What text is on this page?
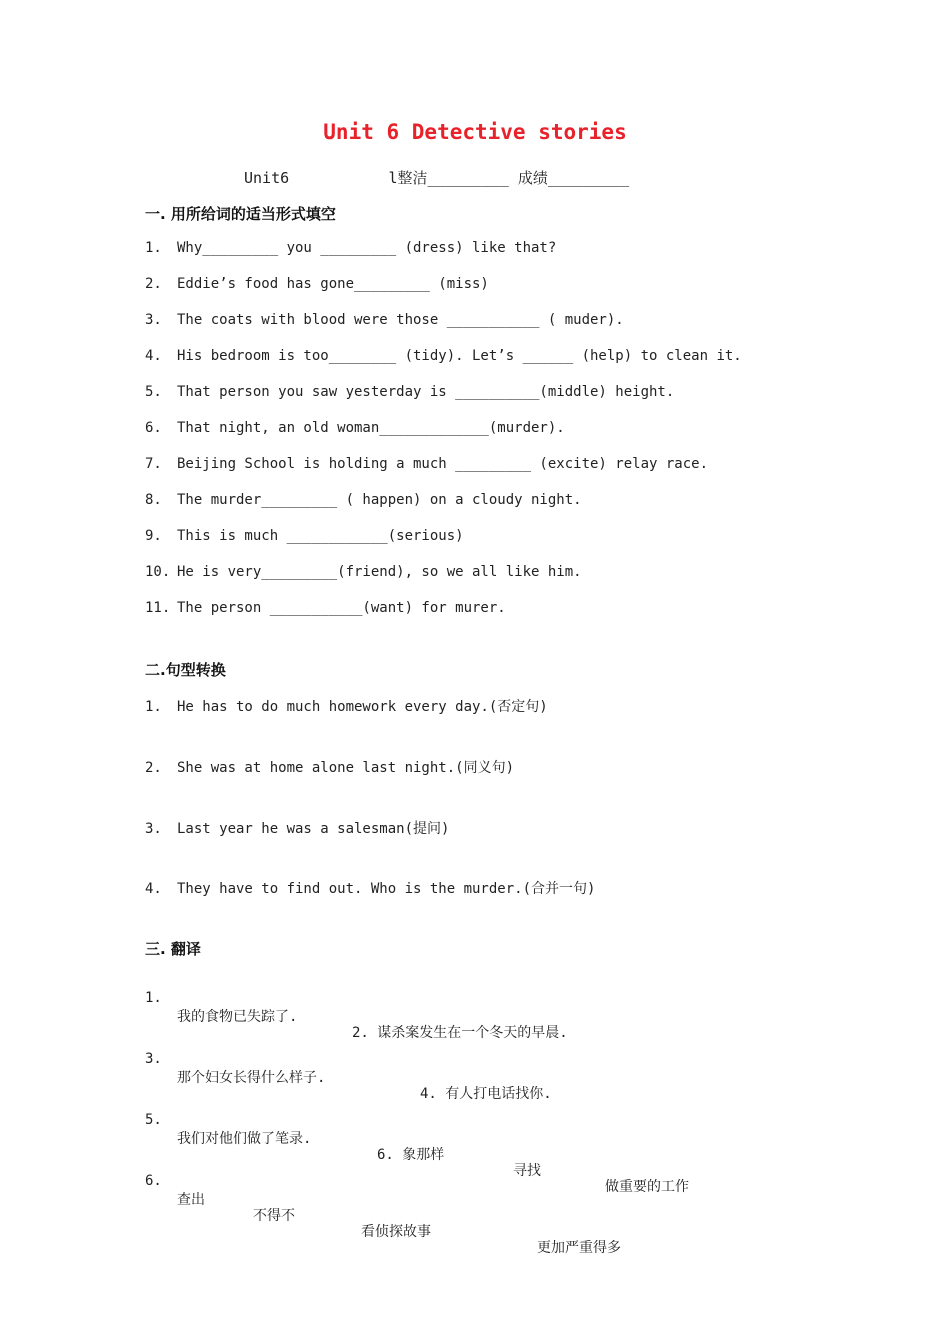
Unit 6 Detective stories
Unit6           l整洁_________ 成绩_________
一. 用所给词的适当形式填空
1. Why_________ you _________ (dress) like that?
2. Eddie’s food has gone_________ (miss)
3. The coats with blood were those ___________ ( muder).
4. His bedroom is too________ (tidy). Let’s ______ (help) to clean it.
5. That person you saw yesterday is __________(middle) height.
6. That night, an old woman_____________(murder).
7. Beijing School is holding a much _________ (excite) relay race.
8. The murder_________ ( happen) on a cloudy night.
9. This is much ____________(serious)
10. He is very_________(friend), so we all like him.
11. The person ___________(want) for murer.
二.句型转换
1. He has to do much homework every day.(否定句)
2. She was at home alone last night.(同义句)
3. Last year he was a salesman(提问)
4. They have to find out. Who is the murder.(合并一句)
三. 翻译

1.

我的食物已失踪了.

2. 谋杀案发生在一个冬天的早晨.

3.

那个妇女长得什么样子.

4. 有人打电话找你.

5.

我们对他们做了笔录.

6. 象那样

寻找

做重要的工作

6.

查出

不得不

看侦探故事

更加严重得多
